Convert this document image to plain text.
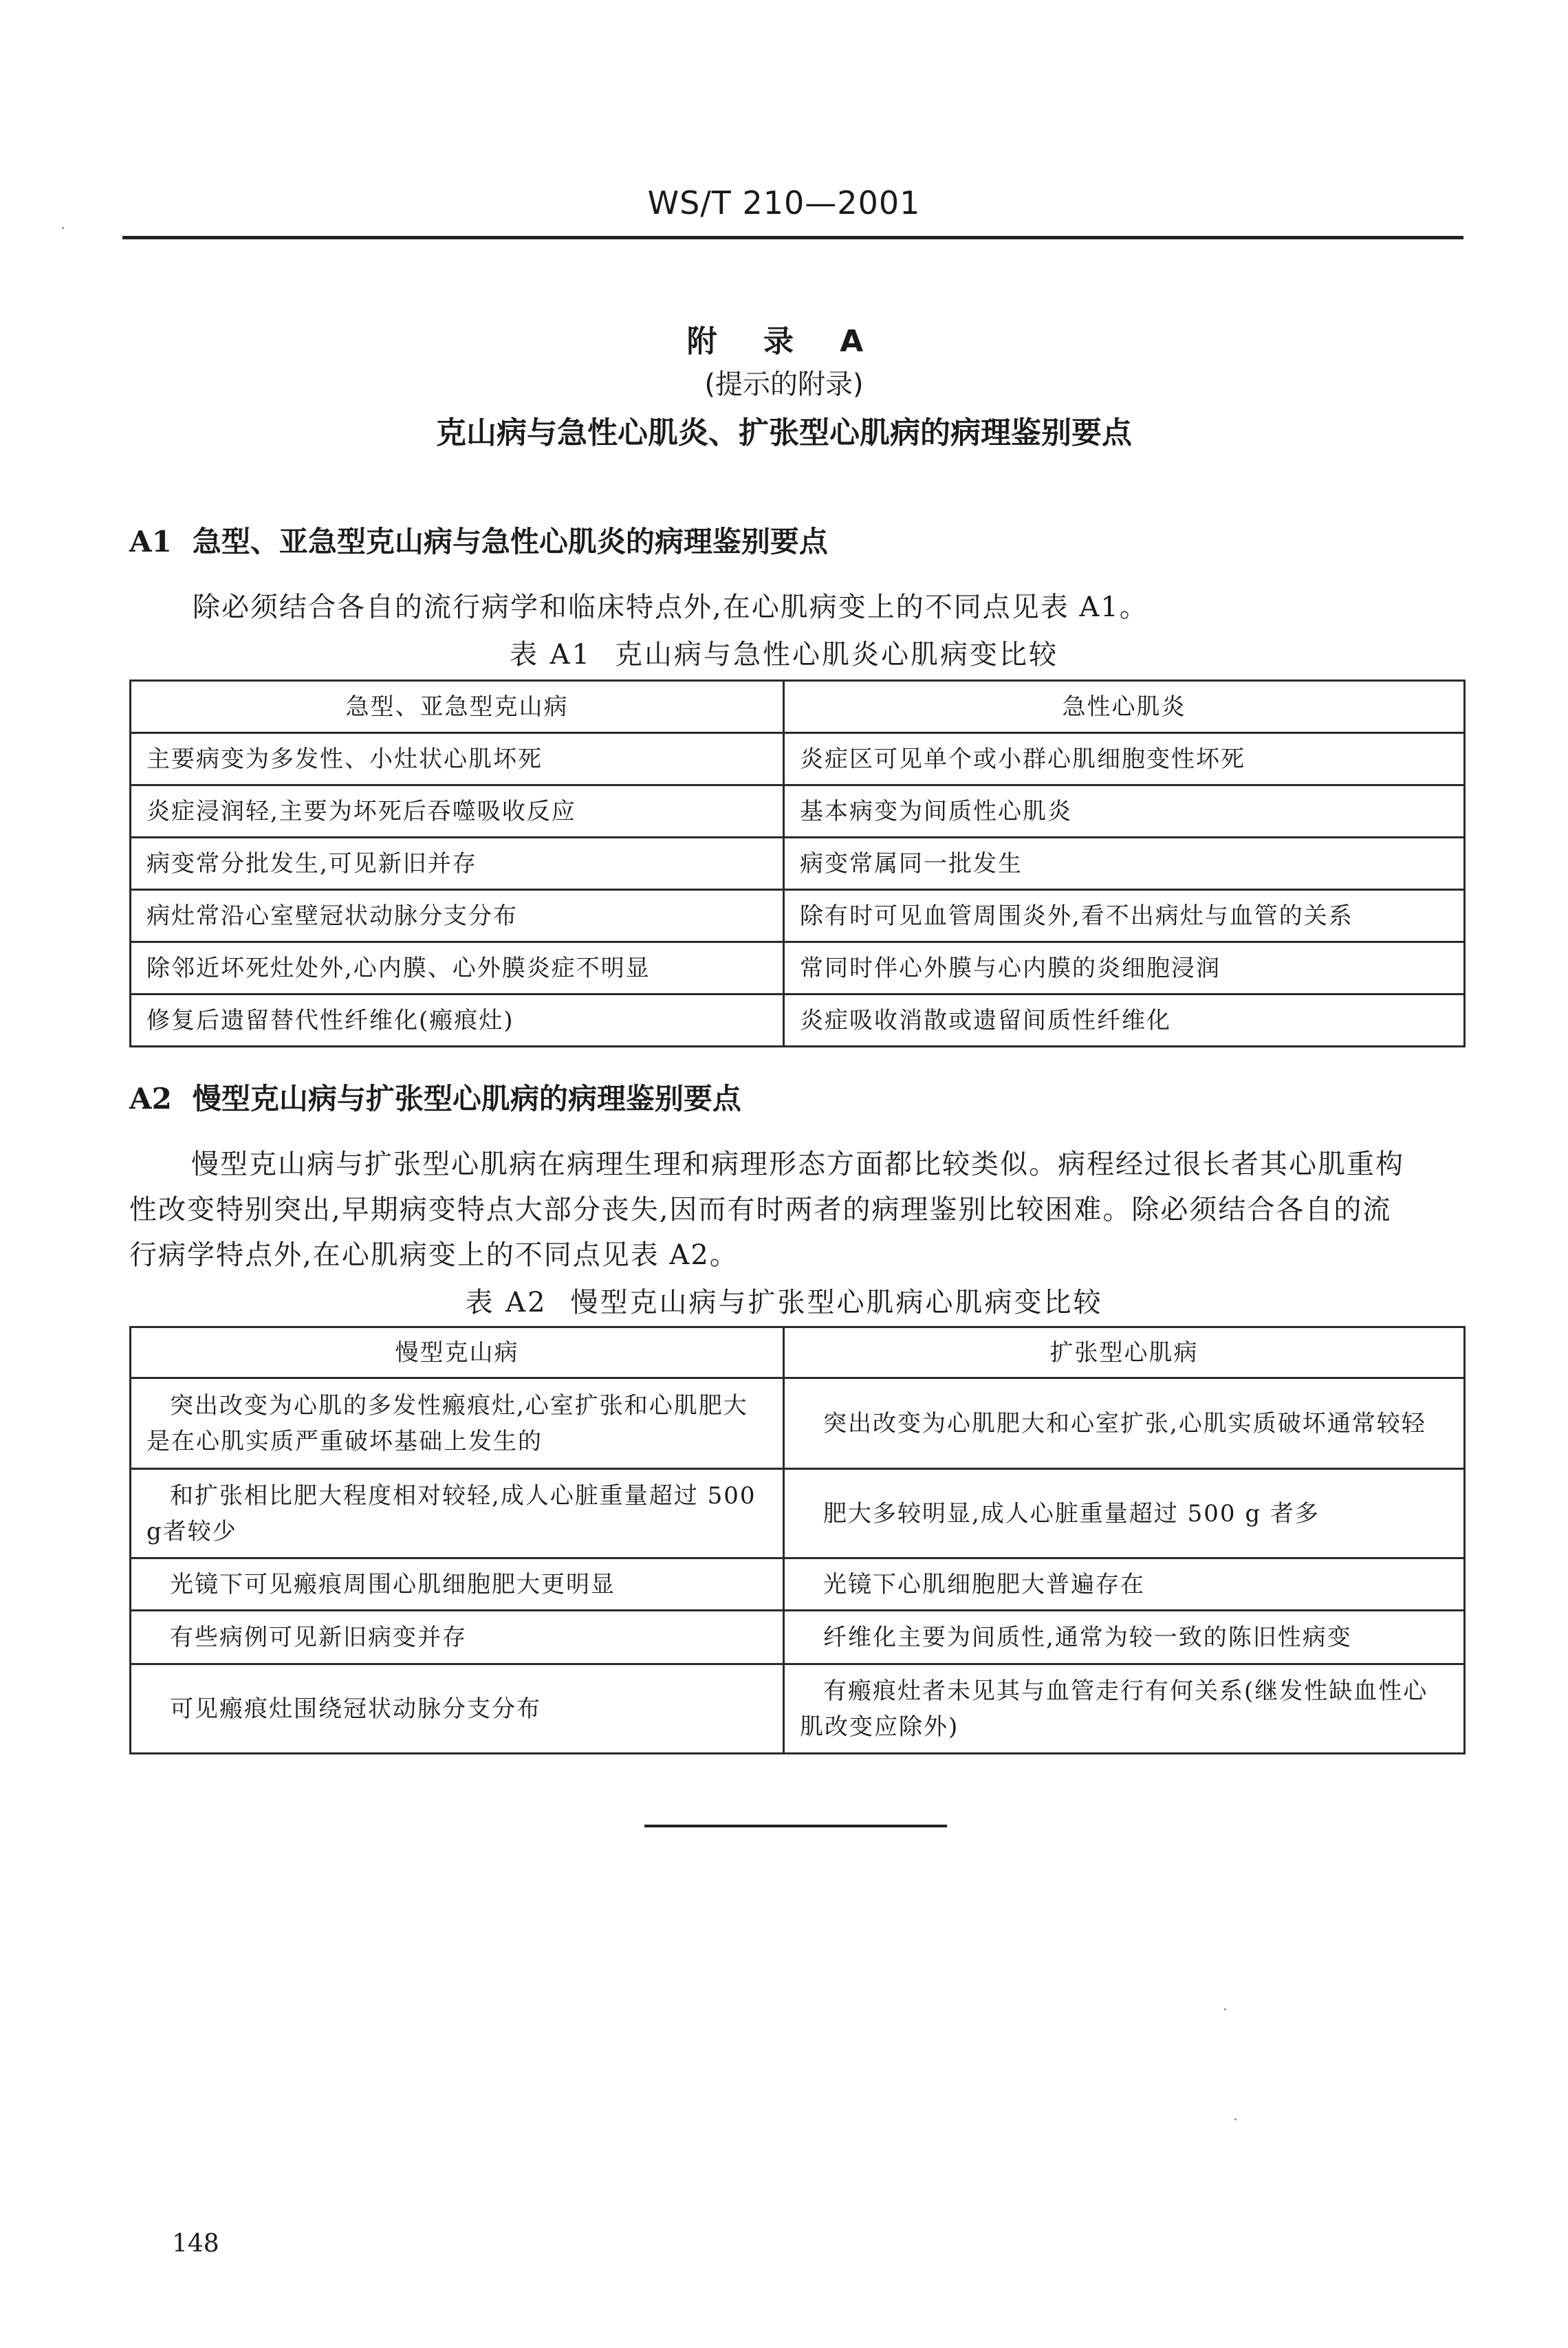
WS/T 210—2001
附 录 A
(提示的附录)
克山病与急性心肌炎、扩张型心肌病的病理鉴别要点
A1 急型、亚急型克山病与急性心肌炎的病理鉴别要点
除必须结合各自的流行病学和临床特点外,在心肌病变上的不同点见表 A1。
表 A1 克山病与急性心肌炎心肌病变比较
急型、亚急型克山病	急性心肌炎
主要病变为多发性、小灶状心肌坏死	炎症区可见单个或小群心肌细胞变性坏死
炎症浸润轻,主要为坏死后吞噬吸收反应	基本病变为间质性心肌炎
病变常分批发生,可见新旧并存	病变常属同一批发生
病灶常沿心室壁冠状动脉分支分布	除有时可见血管周围炎外,看不出病灶与血管的关系
除邻近坏死灶处外,心内膜、心外膜炎症不明显	常同时伴心外膜与心内膜的炎细胞浸润
修复后遗留替代性纤维化(瘢痕灶)	炎症吸收消散或遗留间质性纤维化
A2 慢型克山病与扩张型心肌病的病理鉴别要点
慢型克山病与扩张型心肌病在病理生理和病理形态方面都比较类似。病程经过很长者其心肌重构
性改变特别突出,早期病变特点大部分丧失,因而有时两者的病理鉴别比较困难。除必须结合各自的流
行病学特点外,在心肌病变上的不同点见表 A2。
表 A2 慢型克山病与扩张型心肌病心肌病变比较
慢型克山病	扩张型心肌病
突出改变为心肌的多发性瘢痕灶,心室扩张和心肌肥大是在心肌实质严重破坏基础上发生的	突出改变为心肌肥大和心室扩张,心肌实质破坏通常较轻
和扩张相比肥大程度相对较轻,成人心脏重量超过 500 g者较少	肥大多较明显,成人心脏重量超过 500 g 者多
光镜下可见瘢痕周围心肌细胞肥大更明显	光镜下心肌细胞肥大普遍存在
有些病例可见新旧病变并存	纤维化主要为间质性,通常为较一致的陈旧性病变
可见瘢痕灶围绕冠状动脉分支分布	有瘢痕灶者未见其与血管走行有何关系(继发性缺血性心肌改变应除外)
148
